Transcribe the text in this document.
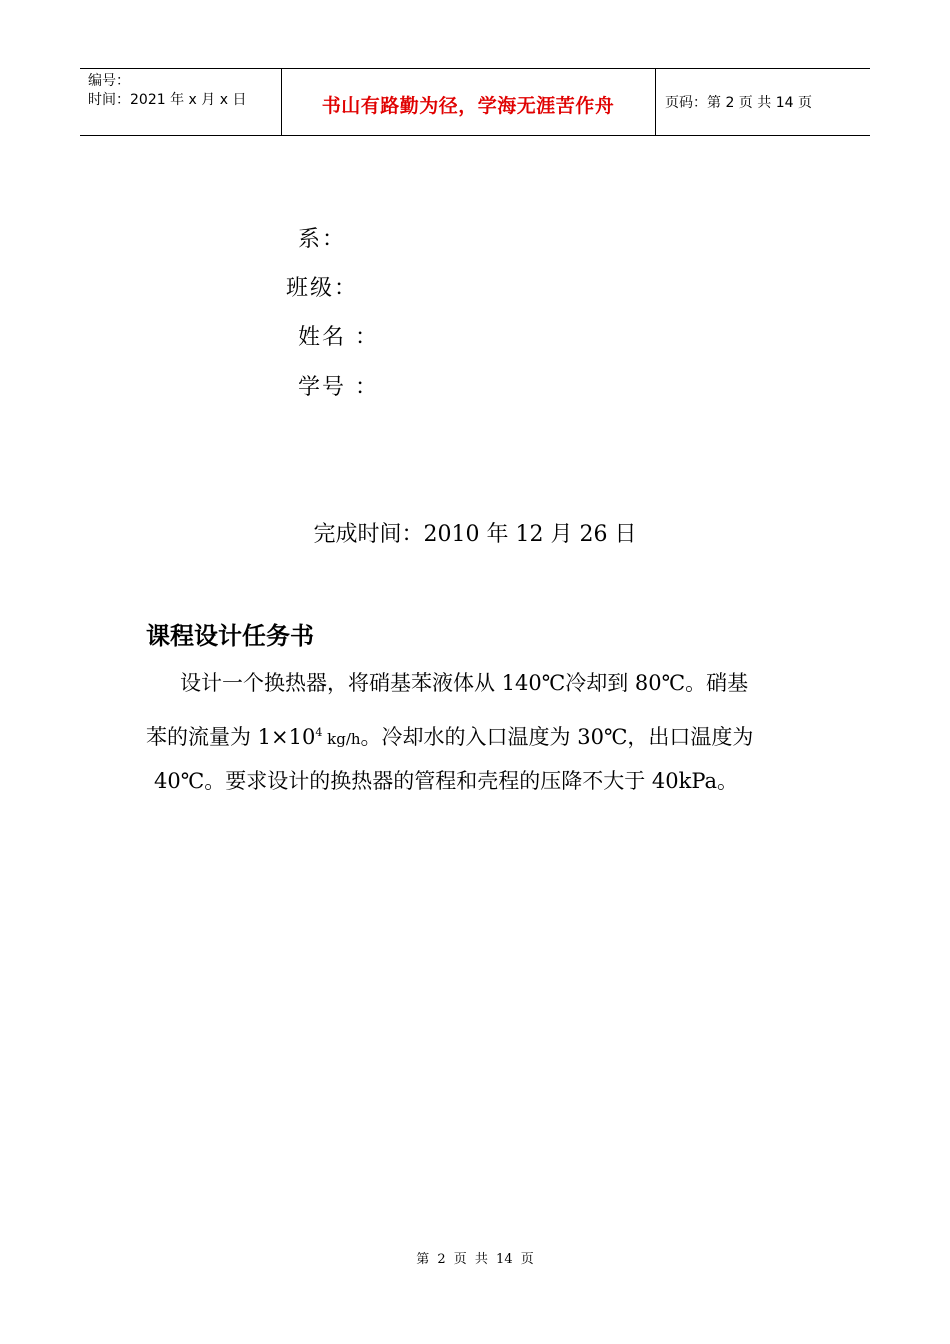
编号：
时间：2021 年 x 月 x 日	书山有路勤为径，学海无涯苦作舟	页码：第 2 页 共 14 页
系：
班级：
姓名 ：
学号 ：
完成时间：2010 年 12 月 26 日
课程设计任务书
设计一个换热器，将硝基苯液体从 140℃冷却到 80℃。硝基
苯的流量为 $1\times 10^4$ kg/h。冷却水的入口温度为 30℃，出口温度为
40℃。要求设计的换热器的管程和壳程的压降不大于 40kPa。
第 2 页 共 14 页
